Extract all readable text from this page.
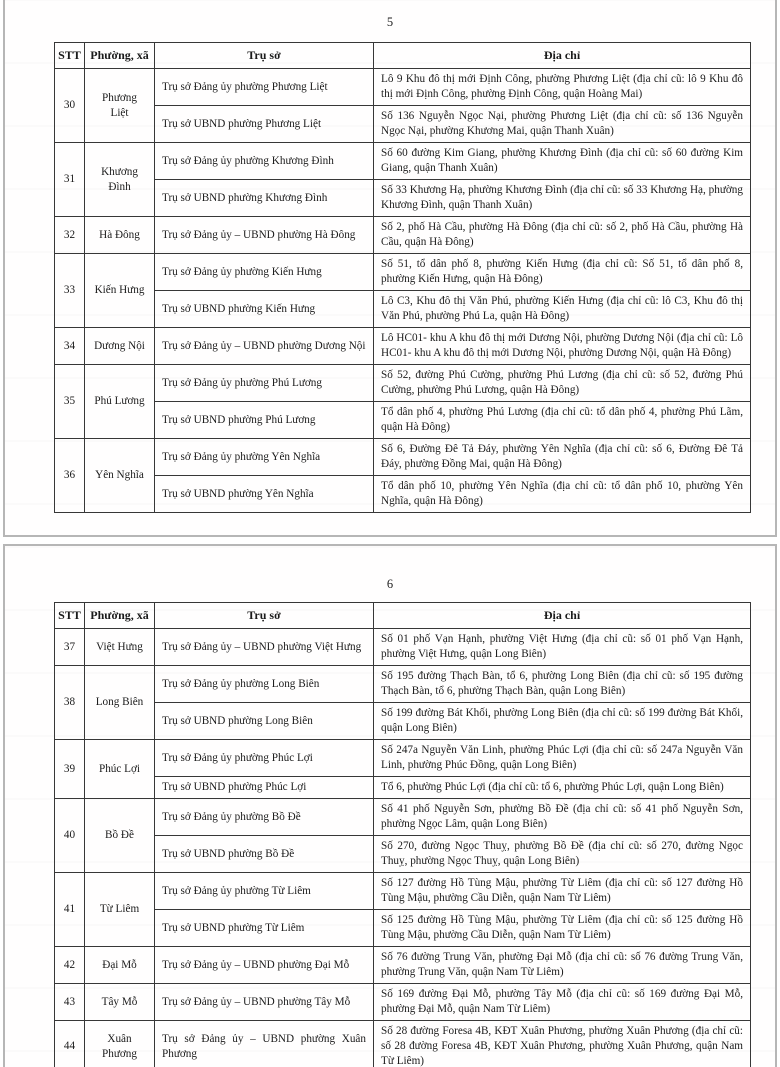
5
STT	Phường, xã	Trụ sở	Địa chỉ
30	Phương Liệt	Trụ sở Đảng ủy phường Phương Liệt	Lô 9 Khu đô thị mới Định Công, phường Phương Liệt (địa chỉ cũ: lô 9 Khu đô thị mới Định Công, phường Định Công, quận Hoàng Mai)
		Trụ sở UBND phường Phương Liệt	Số 136 Nguyễn Ngọc Nại, phường Phương Liệt (địa chỉ cũ: số 136 Nguyễn Ngọc Nại, phường Khương Mai, quận Thanh Xuân)
31	Khương Đình	Trụ sở Đảng ủy phường Khương Đình	Số 60 đường Kim Giang, phường Khương Đình (địa chỉ cũ: số 60 đường Kim Giang, quận Thanh Xuân)
		Trụ sở UBND phường Khương Đình	Số 33 Khương Hạ, phường Khương Đình (địa chỉ cũ: số 33 Khương Hạ, phường Khương Đình, quận Thanh Xuân)
32	Hà Đông	Trụ sở Đảng ủy – UBND phường Hà Đông	Số 2, phố Hà Cầu, phường Hà Đông (địa chỉ cũ: số 2, phố Hà Cầu, phường Hà Cầu, quận Hà Đông)
33	Kiến Hưng	Trụ sở Đảng ủy phường Kiến Hưng	Số 51, tổ dân phố 8, phường Kiến Hưng (địa chỉ cũ: Số 51, tổ dân phố 8, phường Kiến Hưng, quận Hà Đông)
		Trụ sở UBND phường Kiến Hưng	Lô C3, Khu đô thị Văn Phú, phường Kiến Hưng (địa chỉ cũ: lô C3, Khu đô thị Văn Phú, phường Phú La, quận Hà Đông)
34	Dương Nội	Trụ sở Đảng ủy – UBND phường Dương Nội	Lô HC01- khu A khu đô thị mới Dương Nội, phường Dương Nội (địa chỉ cũ: Lô HC01- khu A khu đô thị mới Dương Nội, phường Dương Nội, quận Hà Đông)
35	Phú Lương	Trụ sở Đảng ủy phường Phú Lương	Số 52, đường Phú Cường, phường Phú Lương (địa chỉ cũ: số 52, đường Phú Cường, phường Phú Lương, quận Hà Đông)
		Trụ sở UBND phường Phú Lương	Tổ dân phố 4, phường Phú Lương (địa chỉ cũ: tổ dân phố 4, phường Phú Lãm, quận Hà Đông)
36	Yên Nghĩa	Trụ sở Đảng ủy phường Yên Nghĩa	Số 6, Đường Đê Tả Đáy, phường Yên Nghĩa (địa chỉ cũ: số 6, Đường Đê Tả Đáy, phường Đồng Mai, quận Hà Đông)
		Trụ sở UBND phường Yên Nghĩa	Tổ dân phố 10, phường Yên Nghĩa (địa chỉ cũ: tổ dân phố 10, phường Yên Nghĩa, quận Hà Đông)
6
STT	Phường, xã	Trụ sở	Địa chỉ
37	Việt Hưng	Trụ sở Đảng ủy – UBND phường Việt Hưng	Số 01 phố Vạn Hạnh, phường Việt Hưng (địa chỉ cũ: số 01 phố Vạn Hạnh, phường Việt Hưng, quận Long Biên)
38	Long Biên	Trụ sở Đảng ủy phường Long Biên	Số 195 đường Thạch Bàn, tổ 6, phường Long Biên (địa chỉ cũ: số 195 đường Thạch Bàn, tổ 6, phường Thạch Bàn, quận Long Biên)
		Trụ sở UBND phường Long Biên	Số 199 đường Bát Khối, phường Long Biên (địa chỉ cũ: số 199 đường Bát Khối, quận Long Biên)
39	Phúc Lợi	Trụ sở Đảng ủy phường Phúc Lợi	Số 247a Nguyễn Văn Linh, phường Phúc Lợi (địa chỉ cũ: số 247a Nguyễn Văn Linh, phường Phúc Đồng, quận Long Biên)
		Trụ sở UBND phường Phúc Lợi	Tổ 6, phường Phúc Lợi (địa chỉ cũ: tổ 6, phường Phúc Lợi, quận Long Biên)
40	Bồ Đề	Trụ sở Đảng ủy phường Bồ Đề	Số 41 phố Nguyễn Sơn, phường Bồ Đề (địa chỉ cũ: số 41 phố Nguyễn Sơn, phường Ngọc Lâm, quận Long Biên)
		Trụ sở UBND phường Bồ Đề	Số 270, đường Ngọc Thuỵ, phường Bồ Đề (địa chỉ cũ: số 270, đường Ngọc Thuỵ, phường Ngọc Thuỵ, quận Long Biên)
41	Từ Liêm	Trụ sở Đảng ủy phường Từ Liêm	Số 127 đường Hồ Tùng Mậu, phường Từ Liêm (địa chỉ cũ: số 127 đường Hồ Tùng Mậu, phường Cầu Diễn, quận Nam Từ Liêm)
		Trụ sở UBND phường Từ Liêm	Số 125 đường Hồ Tùng Mậu, phường Từ Liêm (địa chỉ cũ: số 125 đường Hồ Tùng Mậu, phường Cầu Diễn, quận Nam Từ Liêm)
42	Đại Mỗ	Trụ sở Đảng ủy – UBND phường Đại Mỗ	Số 76 đường Trung Văn, phường Đại Mỗ (địa chỉ cũ: số 76 đường Trung Văn, phường Trung Văn, quận Nam Từ Liêm)
43	Tây Mỗ	Trụ sở Đảng ủy – UBND phường Tây Mỗ	Số 169 đường Đại Mỗ, phường Tây Mỗ (địa chỉ cũ: số 169 đường Đại Mỗ, phường Đại Mỗ, quận Nam Từ Liêm)
44	Xuân Phương	Trụ sở Đảng ủy – UBND phường Xuân Phương	Số 28 đường Foresa 4B, KĐT Xuân Phương, phường Xuân Phương (địa chỉ cũ: số 28 đường Foresa 4B, KĐT Xuân Phương, phường Xuân Phương, quận Nam Từ Liêm)
